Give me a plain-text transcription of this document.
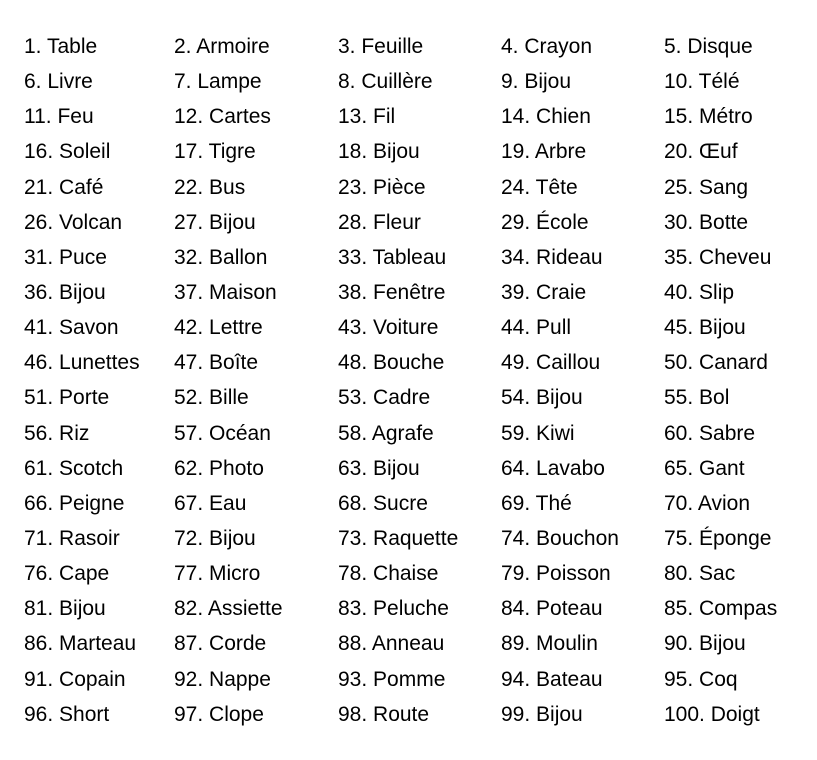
1. Table	2. Armoire	3. Feuille	4. Crayon	5. Disque
6. Livre	7. Lampe	8. Cuillère	9. Bijou	10. Télé
11. Feu	12. Cartes	13. Fil	14. Chien	15. Métro
16. Soleil	17. Tigre	18. Bijou	19. Arbre	20. Œuf
21. Café	22. Bus	23. Pièce	24. Tête	25. Sang
26. Volcan 27. Bijou	28. Fleur	29. École	30. Botte
31. Puce	32. Ballon	33. Tableau	34. Rideau	35. Cheveu
36. Bijou	37. Maison	38. Fenêtre	39. Craie	40. Slip
41. Savon	42. Lettre	43. Voiture	44. Pull	45. Bijou
46. Lunettes 47. Boîte	48. Bouche	49. Caillou	50. Canard
51. Porte	52. Bille	53. Cadre	54. Bijou	55. Bol
56. Riz	57. Océan	58. Agrafe	59. Kiwi	60. Sabre
61. Scotch 62. Photo	63. Bijou	64. Lavabo	65. Gant
66. Peigne 67. Eau	68. Sucre	69. Thé	70. Avion
71. Rasoir	72. Bijou	73. Raquette 74. Bouchon 75. Éponge
76. Cape	77. Micro	78. Chaise	79. Poisson	80. Sac
81. Bijou	82. Assiette	83. Peluche 84. Poteau	85. Compas
86. Marteau 87. Corde	88. Anneau	89. Moulin	90. Bijou
91. Copain 92. Nappe	93. Pomme	94. Bateau	95. Coq
96. Short	97. Clope	98. Route	99. Bijou	100. Doigt
